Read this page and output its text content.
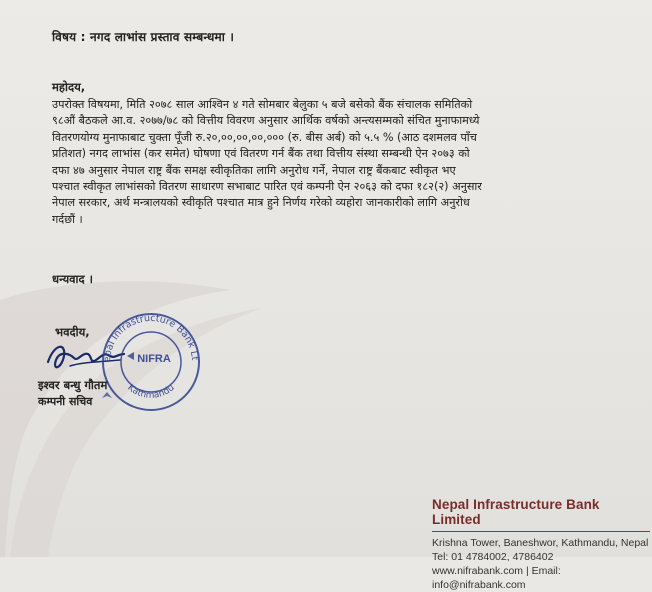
विषय : नगद लाभांस प्रस्ताव सम्बन्धमा ।
महोदय,
उपरोक्त विषयमा, मिति २०७८ साल आश्विन ४ गते सोमबार बेलुका ५ बजे बसेको बैंक संचालक समितिको
९८औं बैठकले आ.व. २०७७/७८ को वित्तीय विवरण अनुसार आर्थिक वर्षको अन्त्यसम्मको संचित मुनाफामध्ये
वितरणयोग्य मुनाफाबाट चुक्ता पूँजी रु.२०,००,००,००,००० (रु. बीस अर्ब) को ५.५ % (आठ दशमलव पाँच
प्रतिशत) नगद लाभांस (कर समेत) घोषणा एवं वितरण गर्न बैंक तथा वित्तीय संस्था सम्बन्धी ऐन २०७३ को
दफा ४७ अनुसार नेपाल राष्ट्र बैंक समक्ष स्वीकृतिका लागि अनुरोध गर्ने, नेपाल राष्ट्र बैंकबाट स्वीकृत भए
पश्चात स्वीकृत लाभांसको वितरण साधारण सभाबाट पारित एवं कम्पनी ऐन २०६३ को दफा १८२(२) अनुसार
नेपाल सरकार, अर्थ मन्त्रालयको स्वीकृति पश्चात मात्र हुने निर्णय गरेको व्यहोरा जानकारीको लागि अनुरोध
गर्दछौं ।
धन्यवाद ।
भवदीय,
epal Infrastructure Bank Lt
Kathmandu
NIFRA
इश्वर बन्धु गौतम
कम्पनी सचिव
Nepal Infrastructure Bank Limited
Krishna Tower, Baneshwor, Kathmandu, Nepal
Tel: 01 4784002, 4786402
www.nifrabank.com | Email: info@nifrabank.com
